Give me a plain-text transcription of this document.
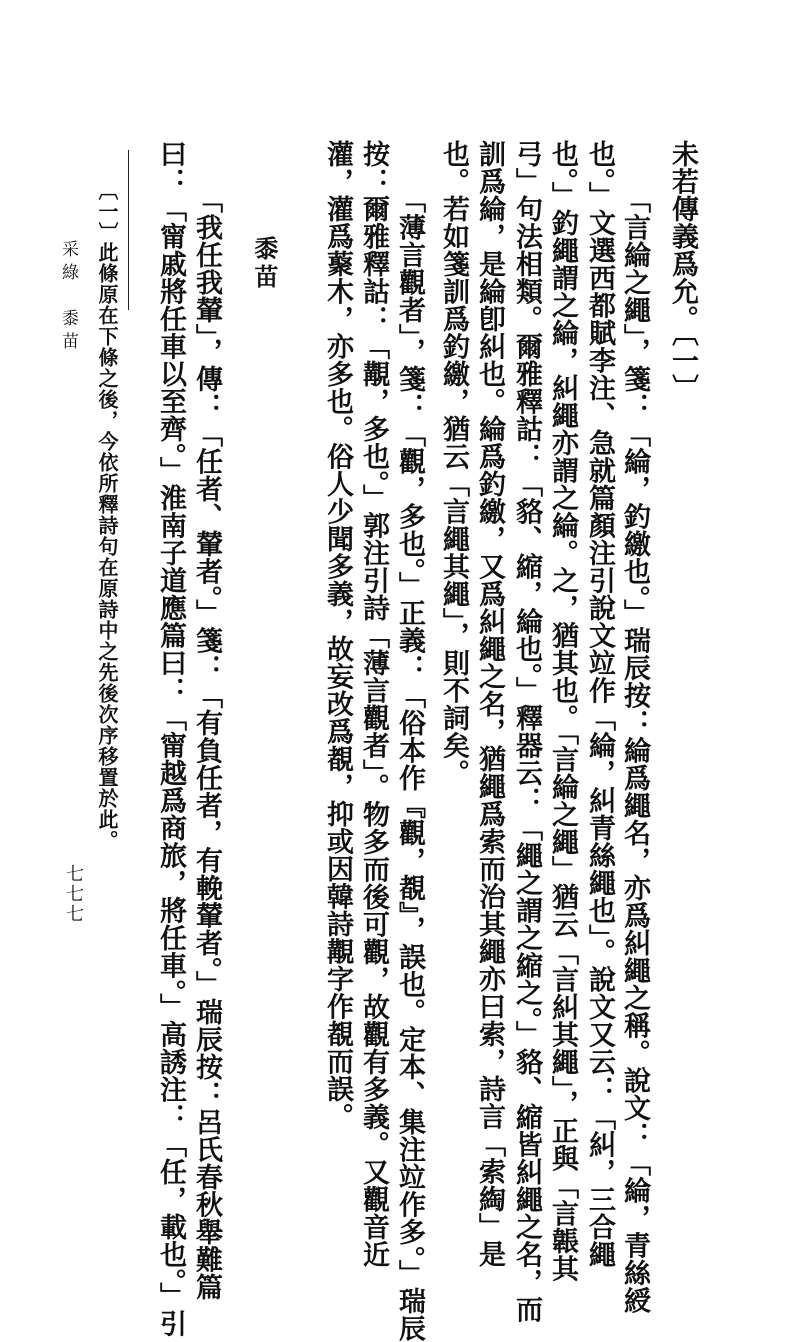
未若傳義爲允。〔一〕
「言綸之繩」，箋：「綸，釣繳也。」瑞辰按：綸爲繩名，亦爲糾繩之稱。說文：「綸，青絲綬
也。」文選西都賦李注、急就篇顏注引說文竝作「綸，糾青絲繩也」。說文又云：「糾，三合繩
也。」釣繩謂之綸，糾繩亦謂之綸。之，猶其也。「言綸之繩」猶云「言糾其繩」，正與「言韔其
弓」句法相類。爾雅釋詁：「貉、縮，綸也。」釋器云：「繩之謂之縮之。」貉、縮皆糾繩之名，而
訓爲綸，是綸卽糾也。綸爲釣繳，又爲糾繩之名，猶繩爲索而治其繩亦曰索，詩言「索綯」是
也。若如箋訓爲釣繳，猶云「言繩其繩」，則不詞矣。
「薄言觀者」，箋：「觀，多也。」正義：「俗本作『觀，覩』，誤也。定本、集注竝作多。」瑞辰
按：爾雅釋詁：「覯，多也。」郭注引詩「薄言觀者」。物多而後可觀，故觀有多義。又觀音近
灌，灌爲藂木，亦多也。俗人少聞多義，故妄改爲覩，抑或因韓詩覯字作覩而誤。
黍苗
「我任我輦」，傳：「任者、輦者。」箋：「有負任者，有輓輦者。」瑞辰按：呂氏春秋舉難篇
曰：「甯戚將任車以至齊。」淮南子道應篇曰：「甯越爲商旅，將任車。」高誘注：「任，載也。」引
〔一〕
此條原在下條之後，今依所釋詩句在原詩中之先後次序移置於此。
采綠　黍苗
七七七
